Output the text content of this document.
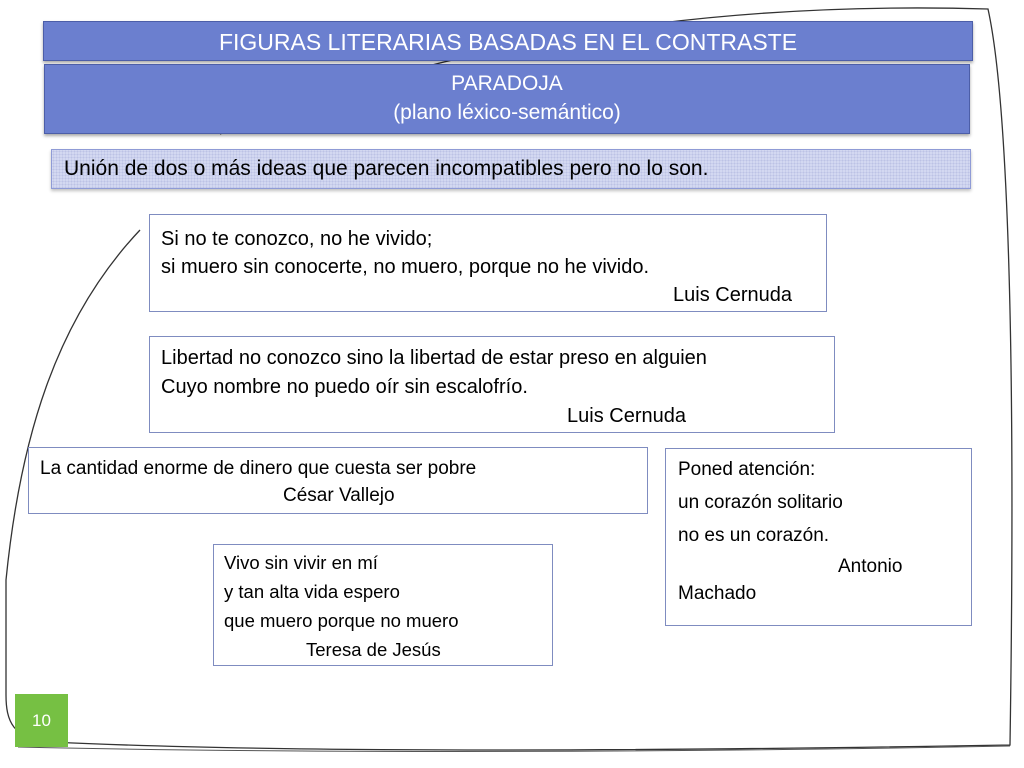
FIGURAS LITERARIAS BASADAS EN EL CONTRASTE
PARADOJA
(plano léxico-semántico)
Unión de dos o más ideas que parecen incompatibles pero no lo son.
Si no te conozco, no he vivido;
si muero sin conocerte, no muero, porque no he vivido.
Luis Cernuda
Libertad no conozco sino la libertad de estar preso en alguien
Cuyo nombre no puedo oír sin escalofrío.
Luis Cernuda
La cantidad enorme de dinero que cuesta ser pobre
César Vallejo
Poned atención:
un corazón solitario
no es un corazón.
Antonio
Machado
Vivo sin vivir en mí
y tan alta vida espero
que muero porque no muero
Teresa de Jesús
10
